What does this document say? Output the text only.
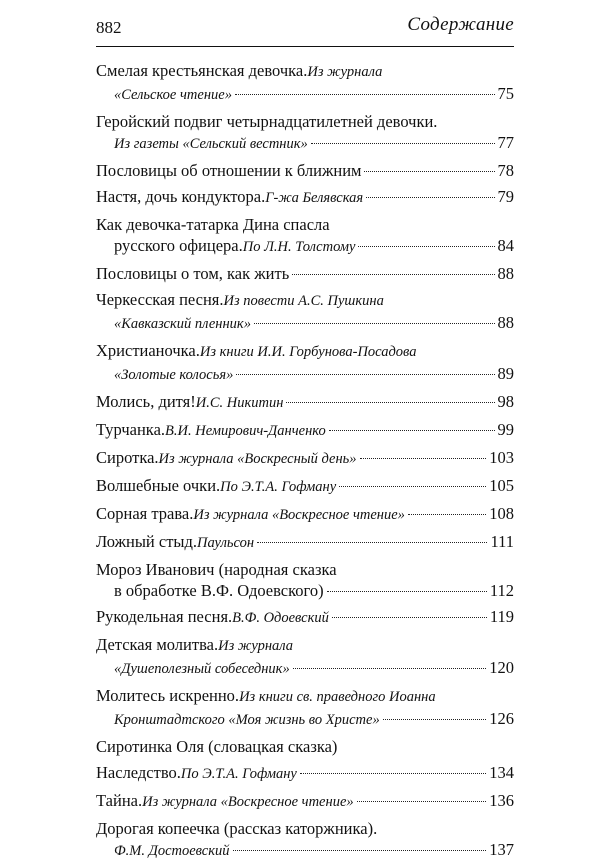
882	Содержание
Смелая крестьянская девочка. Из журнала
«Сельское чтение»	75
Геройский подвиг четырнадцатилетней девочки.
Из газеты «Сельский вестник»	77
Пословицы об отношении к ближним	78
Настя, дочь кондуктора. Г-жа Белявская	79
Как девочка-татарка Дина спасла
русского офицера. По Л.Н. Толстому	84
Пословицы о том, как жить	88
Черкесская песня. Из повести А.С. Пушкина
«Кавказский пленник»	88
Христианочка. Из книги И.И. Горбунова-Посадова
«Золотые колосья»	89
Молись, дитя! И.С. Никитин	98
Турчанка. В.И. Немирович-Данченко	99
Сиротка. Из журнала «Воскресный день»	103
Волшебные очки. По Э.Т.А. Гофману	105
Сорная трава. Из журнала «Воскресное чтение»	108
Ложный стыд. Паульсон	111
Мороз Иванович (народная сказка
в обработке В.Ф. Одоевского)	112
Рукодельная песня. В.Ф. Одоевский	119
Детская молитва. Из журнала
«Душеполезный собеседник»	120
Молитесь искренно. Из книги св. праведного Иоанна
Кронштадтского «Моя жизнь во Христе»	126
Сиротинка Оля (словацкая сказка)
Наследство. По Э.Т.А. Гофману	134
Тайна. Из журнала «Воскресное чтение»	136
Дорогая копеечка (рассказ каторжника).
Ф.М. Достоевский	137
